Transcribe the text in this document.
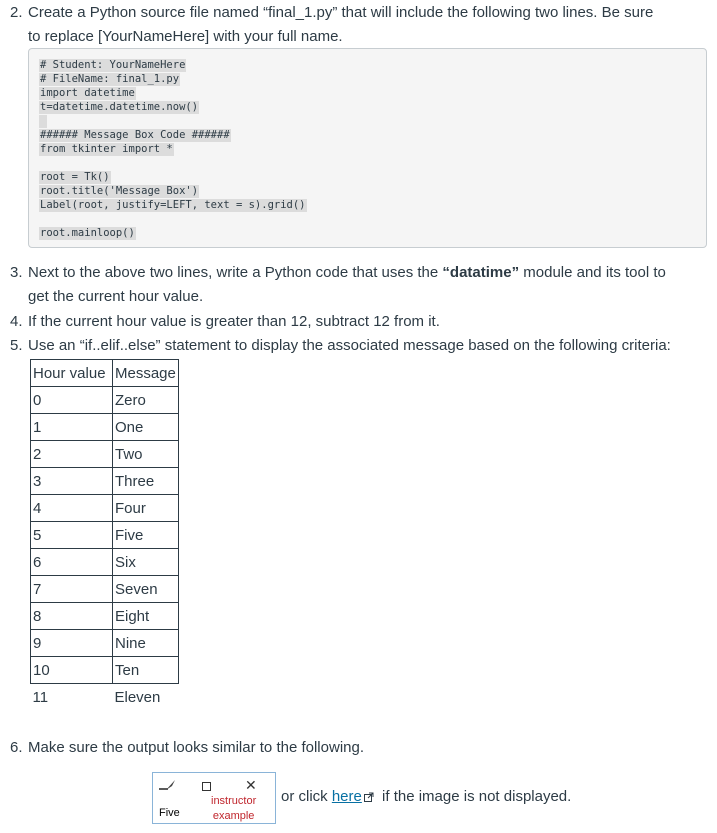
2. Create a Python source file named “final_1.py” that will include the following two lines. Be sure
to replace [YourNameHere] with your full name.

# Student: YourNameHere
# FileName: final_1.py
import datetime
t=datetime.datetime.now()
###### Message Box Code ######
from tkinter import *
root = Tk()
root.title('Message Box')
Label(root, justify=LEFT, text = s).grid()
root.mainloop()

3. Next to the above two lines, write a Python code that uses the “datatime” module and its tool to
get the current hour value.

4. If the current hour value is greater than 12, subtract 12 from it.

5. Use an “if..elif..else” statement to display the associated message based on the following criteria:

Hour value	Message
0	Zero
1	One
2	Two
3	Three
4	Four
5	Five
6	Six
7	Seven
8	Eight
9	Nine
10	Ten
11	Eleven

6. Make sure the output looks similar to the following.

✕
Five
instructor
example
or click here if the image is not displayed.
